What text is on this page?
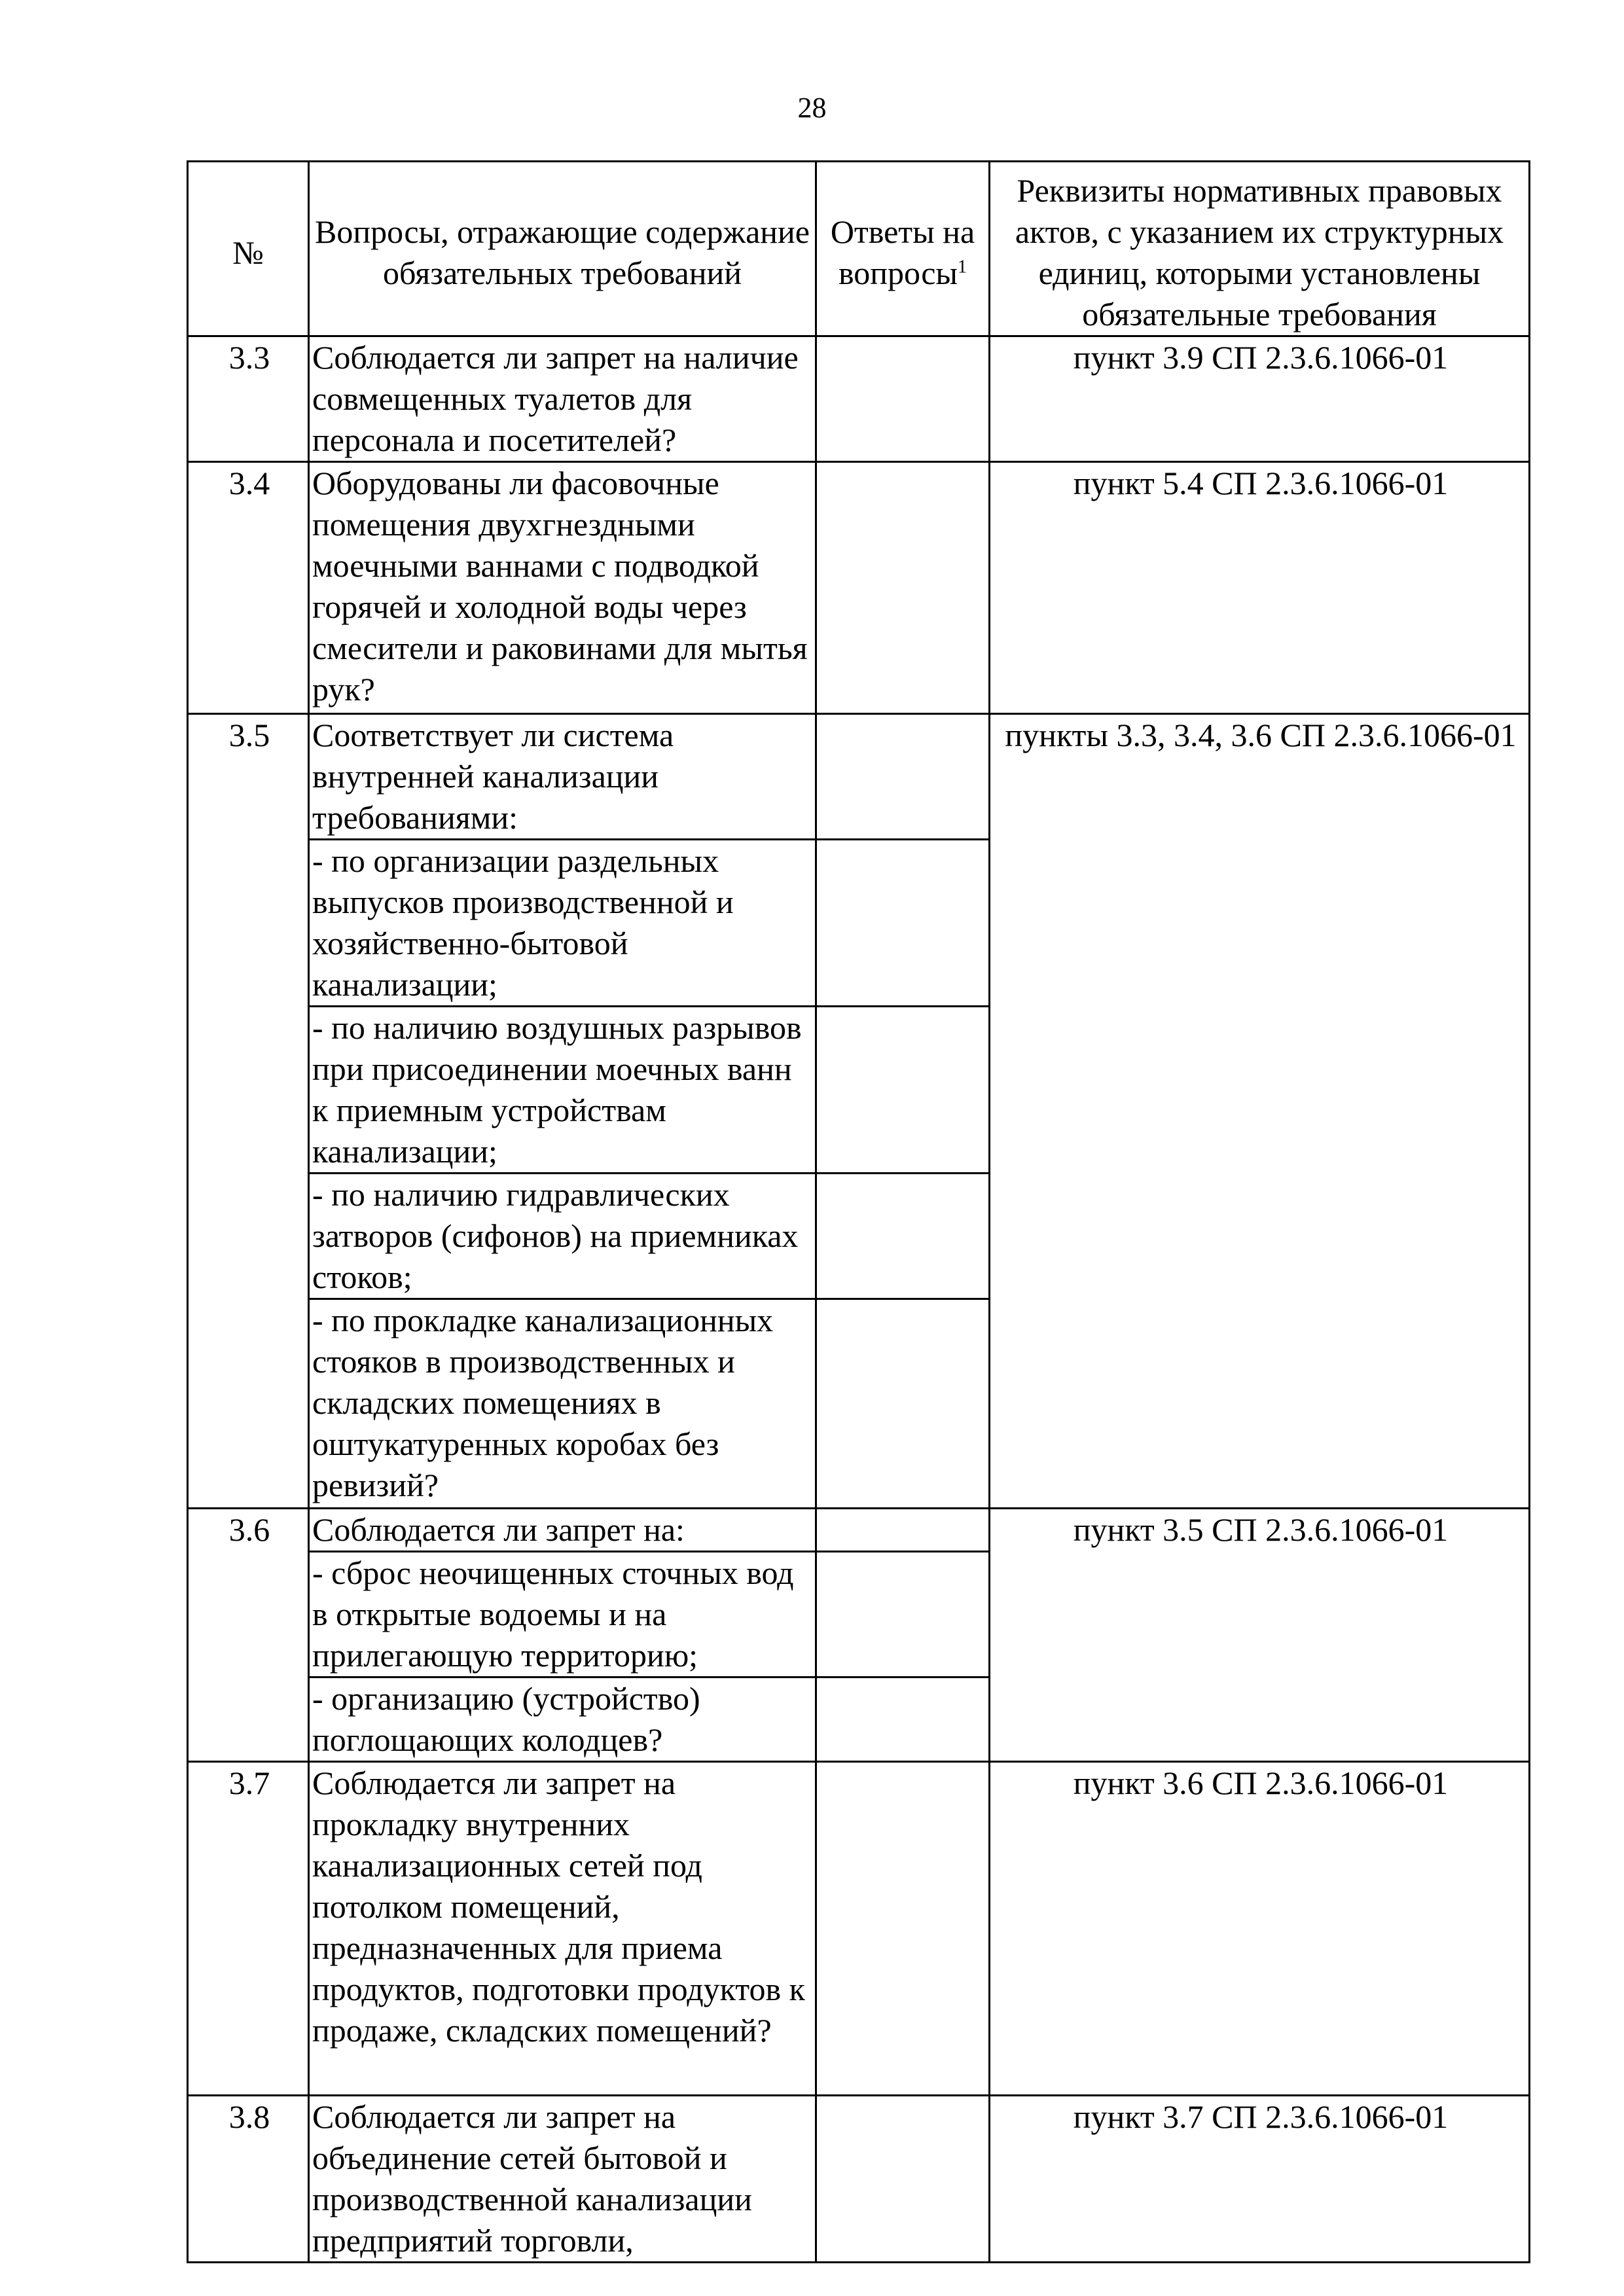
28
№	Вопросы, отражающие содержание обязательных требований	Ответы на вопросы$^1$	Реквизиты нормативных правовых актов, с указанием их структурных единиц, которыми установлены обязательные требования
3.3	Соблюдается ли запрет на наличие совмещенных туалетов для персонала и посетителей?		пункт 3.9 СП 2.3.6.1066-01
3.4	Оборудованы ли фасовочные помещения двухгнездными моечными ваннами с подводкой горячей и холодной воды через смесители и раковинами для мытья рук?		пункт 5.4 СП 2.3.6.1066-01
3.5	Соответствует ли система внутренней канализации требованиями:		пункты 3.3, 3.4, 3.6 СП 2.3.6.1066-01
	- по организации раздельных выпусков производственной и хозяйственно-бытовой канализации;		
	- по наличию воздушных разрывов при присоединении моечных ванн к приемным устройствам канализации;		
	- по наличию гидравлических затворов (сифонов) на приемниках стоков;		
	- по прокладке канализационных стояков в производственных и складских помещениях в оштукатуренных коробах без ревизий?		
3.6	Соблюдается ли запрет на:		пункт 3.5 СП 2.3.6.1066-01
	- сброс неочищенных сточных вод в открытые водоемы и на прилегающую территорию;		
	- организацию (устройство) поглощающих колодцев?		
3.7	Соблюдается ли запрет на прокладку внутренних канализационных сетей под потолком помещений, предназначенных для приема продуктов, подготовки продуктов к продаже, складских помещений?		пункт 3.6 СП 2.3.6.1066-01
3.8	Соблюдается ли запрет на объединение сетей бытовой и производственной канализации предприятий торговли,		пункт 3.7 СП 2.3.6.1066-01
